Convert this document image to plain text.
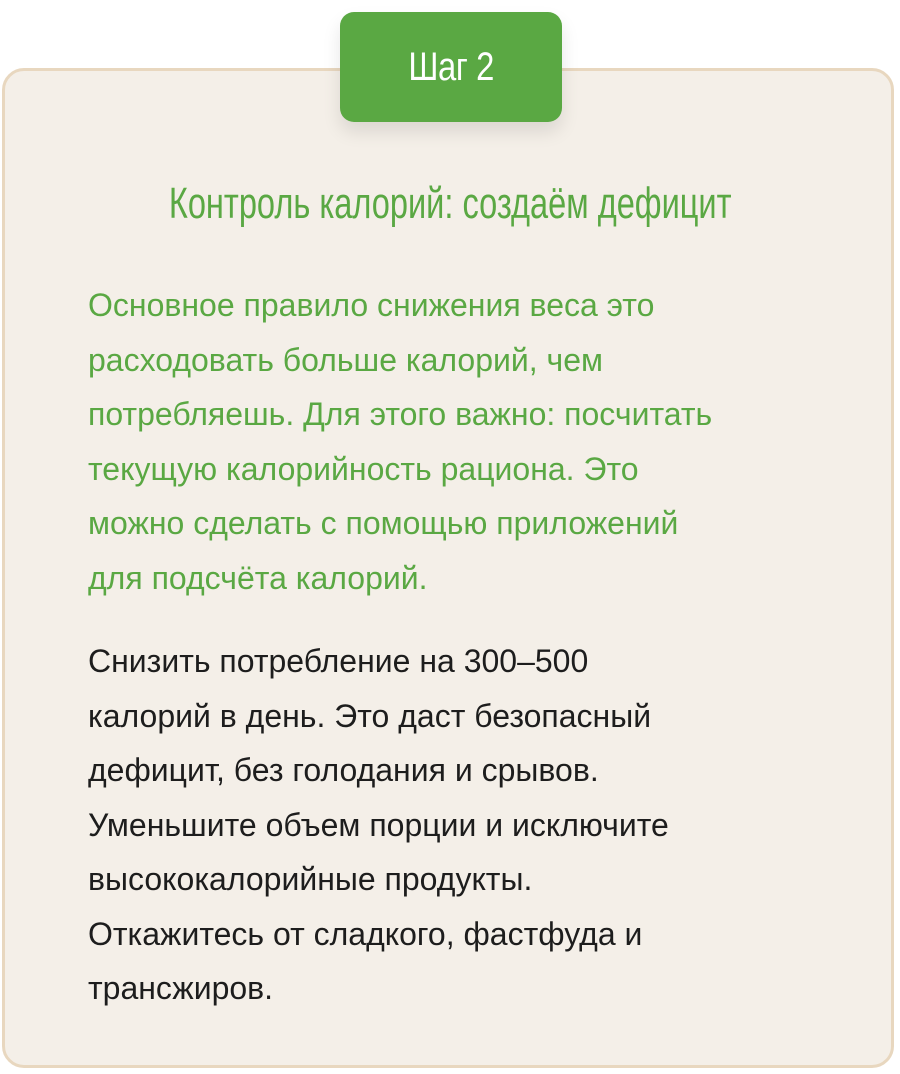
Шаг 2
Контроль калорий: создаём дефицит

Основное правило снижения веса это
расходовать больше калорий, чем
потребляешь. Для этого важно: посчитать
текущую калорийность рациона. Это
можно сделать с помощью приложений
для подсчёта калорий.

Снизить потребление на 300–500
калорий в день. Это даст безопасный
дефицит, без голодания и срывов.
Уменьшите объем порции и исключите
высококалорийные продукты.
Откажитесь от сладкого, фастфуда и
трансжиров.
